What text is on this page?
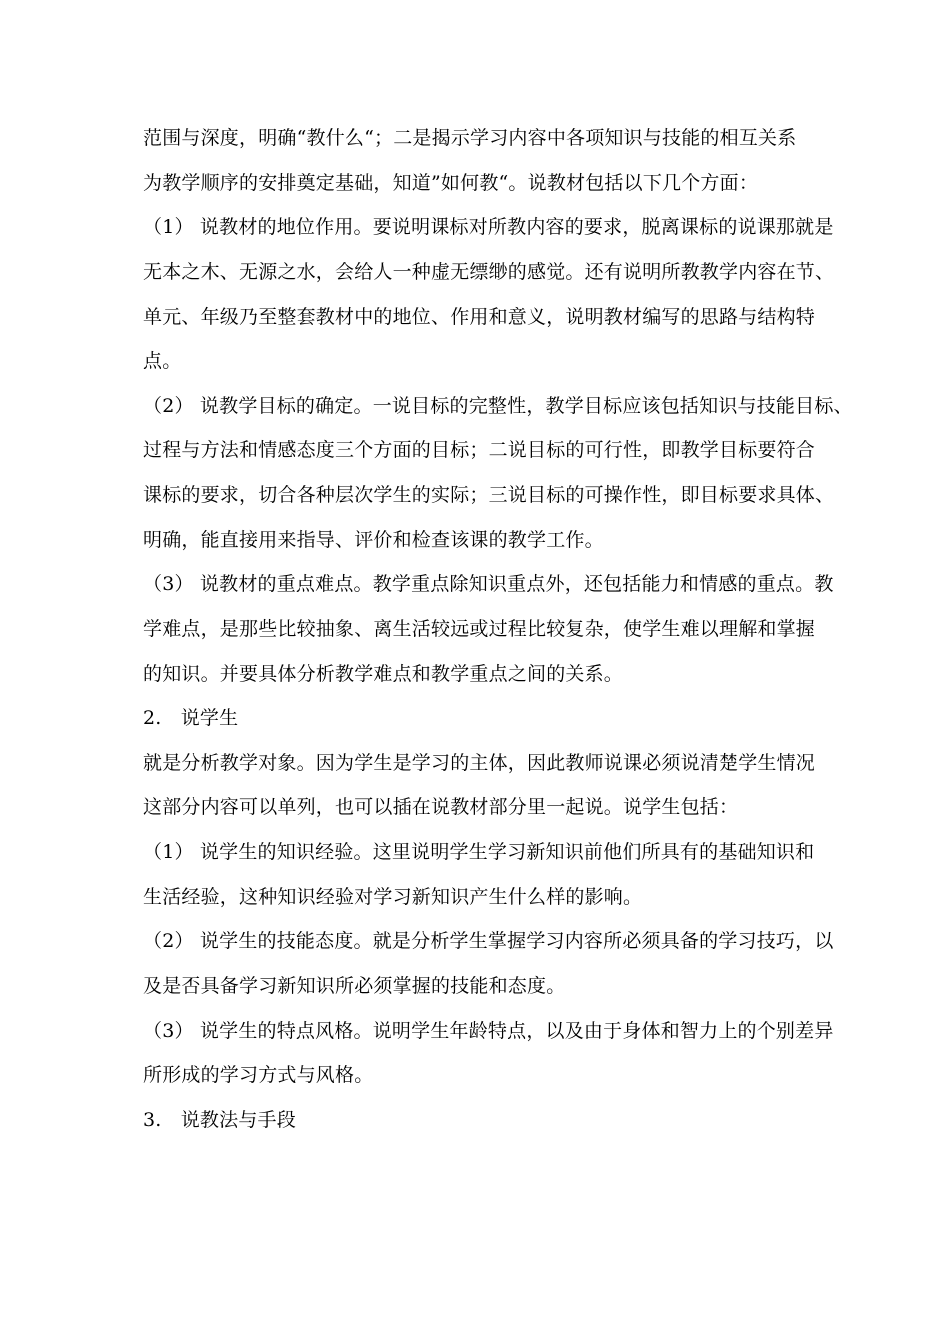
范围与深度，明确“教什么“；二是揭示学习内容中各项知识与技能的相互关系
为教学顺序的安排奠定基础，知道”如何教“。说教材包括以下几个方面：
（1） 说教材的地位作用。要说明课标对所教内容的要求，脱离课标的说课那就是
无本之木、无源之水，会给人一种虚无缥缈的感觉。还有说明所教教学内容在节、
单元、年级乃至整套教材中的地位、作用和意义，说明教材编写的思路与结构特
点。
（2） 说教学目标的确定。一说目标的完整性，教学目标应该包括知识与技能目标、
过程与方法和情感态度三个方面的目标；二说目标的可行性，即教学目标要符合
课标的要求，切合各种层次学生的实际；三说目标的可操作性，即目标要求具体、
明确，能直接用来指导、评价和检查该课的教学工作。
（3） 说教材的重点难点。教学重点除知识重点外，还包括能力和情感的重点。教
学难点，是那些比较抽象、离生活较远或过程比较复杂，使学生难以理解和掌握
的知识。并要具体分析教学难点和教学重点之间的关系。
2.　说学生
就是分析教学对象。因为学生是学习的主体，因此教师说课必须说清楚学生情况
这部分内容可以单列，也可以插在说教材部分里一起说。说学生包括：
（1） 说学生的知识经验。这里说明学生学习新知识前他们所具有的基础知识和
生活经验，这种知识经验对学习新知识产生什么样的影响。
（2） 说学生的技能态度。就是分析学生掌握学习内容所必须具备的学习技巧，以
及是否具备学习新知识所必须掌握的技能和态度。
（3） 说学生的特点风格。说明学生年龄特点，以及由于身体和智力上的个别差异
所形成的学习方式与风格。
3.　说教法与手段
